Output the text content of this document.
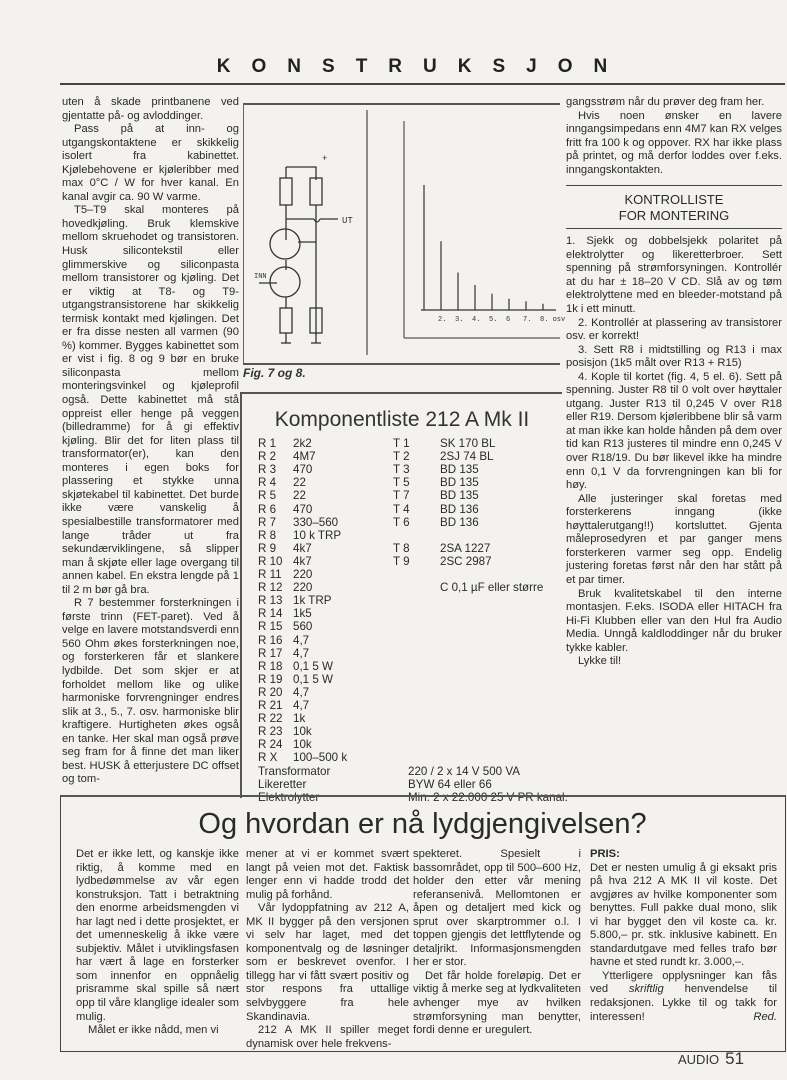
KONSTRUKSJON

uten å skade printbanene ved gjentatte på- og avloddinger.

Pass på at inn- og utgangskontaktene er skikkelig isolert fra kabinettet. Kjølebehovene er kjøleribber med max 0°C / W for hver kanal. En kanal avgir ca. 90 W varme.

T5–T9 skal monteres på hovedkjøling. Bruk klemskive mellom skruehodet og transistoren. Husk silicontekstil eller glimmerskive og siliconpasta mellom transistorer og kjøling. Det er viktig at T8- og T9-utgangstransistorene har skikkelig termisk kontakt med kjølingen. Det er fra disse nesten all varmen (90 %) kommer. Bygges kabinettet som er vist i fig. 8 og 9 bør en bruke siliconpasta mellom monteringsvinkel og kjøleprofil også. Dette kabinettet må stå oppreist eller henge på veggen (billedramme) for å gi effektiv kjøling. Blir det for liten plass til transformator(er), kan den monteres i egen boks for plassering et stykke unna skjøtekabel til kabinettet. Det burde ikke være vanskelig å spesialbestille transformatorer med lange tråder ut fra sekundærviklingene, så slipper man å skjøte eller lage overgang til annen kabel. En ekstra lengde på 1 til 2 m bør gå bra.

R 7 bestemmer forsterkningen i første trinn (FET-paret). Ved å velge en lavere motstandsverdi enn 560 Ohm økes forsterkningen noe, og forsterkeren får et slankere lydbilde. Det som skjer er at forholdet mellom like og ulike harmoniske forvrengninger endres slik at 3., 5., 7. osv. harmoniske blir kraftigere. Hurtigheten økes også en tanke. Her skal man også prøve seg fram for å finne det man liker best. HUSK å etterjustere DC offset og tom-

+
UT
INN
2. 3. 4. 5. 6 7. 8. osv
Fig. 7 og 8.
Komponentliste 212 A Mk II
R 1 2k2	T 1	SK 170 BL
R 2 4M7	T 2	2SJ 74 BL
R 3 470	T 3	BD 135
R 4 22	T 5	BD 135
R 5 22	T 7	BD 135
R 6 470	T 4	BD 136
R 7 330–560	T 6	BD 136
R 8 10 k TRP
R 9 4k7	T 8	2SA 1227
R 10 4k7	T 9	2SC 2987
R 11 220
R 12 220	C 0,1 µF eller større
R 13 1k TRP
R 14 1k5
R 15 560
R 16 4,7
R 17 4,7
R 18 0,1 5 W
R 19 0,1 5 W
R 20 4,7
R 21 4,7
R 22 1k
R 23 10k
R 24 10k
R X 100–500 k
Transformator	220 / 2 x 14 V 500 VA
Likeretter	BYW 64 eller 66
Elektrolytter	Min. 2 x 22.000 25 V PR kanal.

gangsstrøm når du prøver deg fram her.

Hvis noen ønsker en lavere inngangsimpedans enn 4M7 kan RX velges fritt fra 100 k og oppover. RX har ikke plass på printet, og må derfor loddes over f.eks. inngangskontakten.

KONTROLLISTE
FOR MONTERING

1. Sjekk og dobbelsjekk polaritet på elektrolytter og likeretterbroer. Sett spenning på strømforsyningen. Kontrollér at du har ± 18–20 V CD. Slå av og tøm elektrolyttene med en bleeder-motstand på 1k i ett minutt.

2. Kontrollér at plassering av transistorer osv. er korrekt!

3. Sett R8 i midtstilling og R13 i max posisjon (1k5 målt over R13 + R15)

4. Kople til kortet (fig. 4, 5 el. 6). Sett på spenning. Juster R8 til 0 volt over høyttaler utgang. Juster R13 til 0,245 V over R18 eller R19. Dersom kjøleribbene blir så varm at man ikke kan holde hånden på dem over tid kan R13 justeres til mindre enn 0,245 V over R18/19. Du bør likevel ikke ha mindre enn 0,1 V da forvrengningen kan bli for høy.

Alle justeringer skal foretas med forsterkerens inngang (ikke høyttalerutgang!!) kortsluttet. Gjenta måleprosedyren et par ganger mens forsterkeren varmer seg opp. Endelig justering foretas først når den har stått på et par timer.

Bruk kvalitetskabel til den interne montasjen. F.eks. ISODA eller HITACH fra Hi-Fi Klubben eller van den Hul fra Audio Media. Unngå kaldloddinger når du bruker tykke kabler.

Lykke til!

Og hvordan er nå lydgjengivelsen?

Det er ikke lett, og kanskje ikke riktig, å komme med en lydbedømmelse av vår egen konstruksjon. Tatt i betraktning den enorme arbeidsmengden vi har lagt ned i dette prosjektet, er det umenneskelig å ikke være subjektiv. Målet i utviklingsfasen har vært å lage en forsterker som innenfor en oppnåelig prisramme skal spille så nært opp til våre klanglige idealer som mulig.

Målet er ikke nådd, men vi

mener at vi er kommet svært langt på veien mot det. Faktisk lenger enn vi hadde trodd det mulig på forhånd.

Vår lydoppfatning av 212 A, MK II bygger på den versjonen vi selv har laget, med det komponentvalg og de løsninger som er beskrevet ovenfor. I tillegg har vi fått svært positiv og stor respons fra uttallige selvbyggere fra hele Skandinavia.

212 A MK II spiller meget dynamisk over hele frekvens-

spekteret. Spesielt i bassområdet, opp til 500–600 Hz, holder den etter vår mening referansenivå. Mellomtonen er åpen og detaljert med kick og sprut over skarptrommer o.l. I toppen gjengis det lettflytende og detaljrikt. Informasjonsmengden her er stor.

Det får holde foreløpig. Det er viktig å merke seg at lydkvaliteten avhenger mye av hvilken strømforsyning man benytter, fordi denne er uregulert.

PRIS:

Det er nesten umulig å gi eksakt pris på hva 212 A MK II vil koste. Det avgjøres av hvilke komponenter som benyttes. Full pakke dual mono, slik vi har bygget den vil koste ca. kr. 5.800,– pr. stk. inklusive kabinett. En standardutgave med felles trafo bør havne et sted rundt kr. 3.000,–.

Ytterligere opplysninger kan fås ved skriftlig henvendelse til redaksjonen. Lykke til og takk for interessen!	Red.

AUDIO 51
